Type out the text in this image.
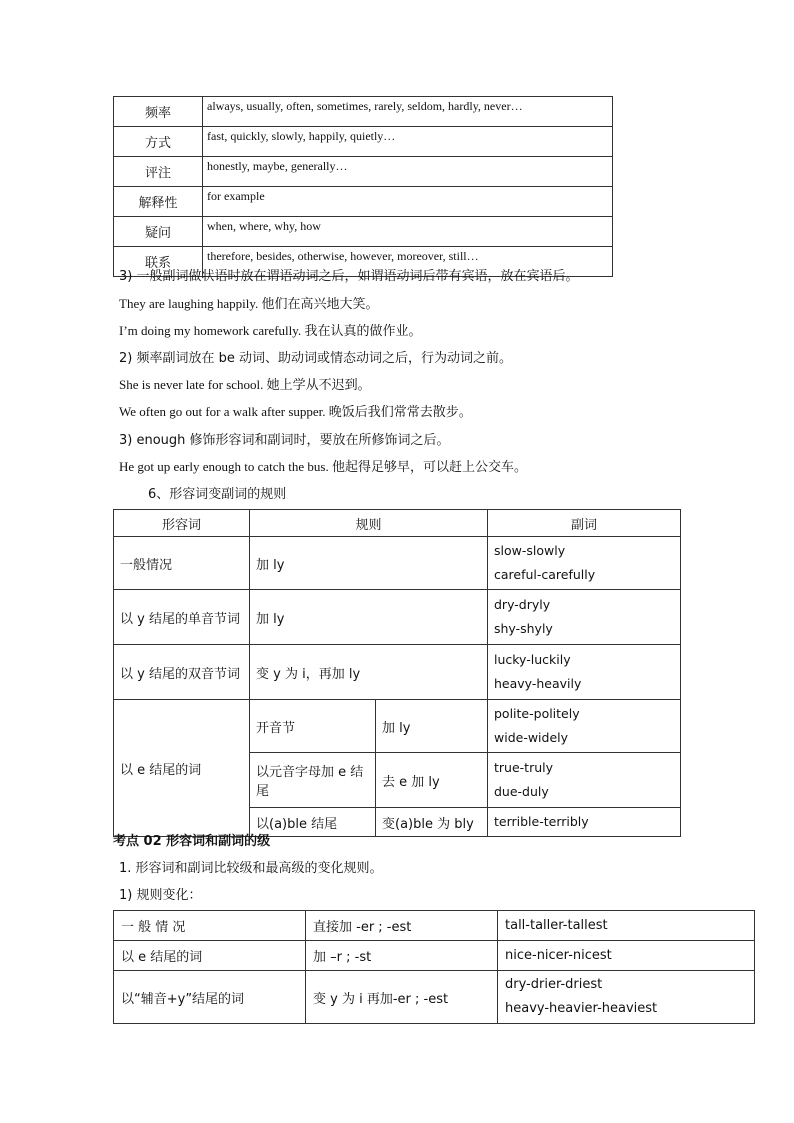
频率	always, usually, often, sometimes, rarely, seldom, hardly, never…
方式	fast, quickly, slowly, happily, quietly…
评注	honestly, maybe, generally…
解释性	for example
疑问	when, where, why, how
联系	therefore, besides, otherwise, however, moreover, still…
3) 一般副词做状语时放在谓语动词之后，如谓语动词后带有宾语，放在宾语后。
They are laughing happily. 他们在高兴地大笑。
I’m doing my homework carefully. 我在认真的做作业。
2) 频率副词放在 be 动词、助动词或情态动词之后，行为动词之前。
She is never late for school. 她上学从不迟到。
We often go out for a walk after supper. 晚饭后我们常常去散步。
3) enough 修饰形容词和副词时，要放在所修饰词之后。
He got up early enough to catch the bus. 他起得足够早，可以赶上公交车。
6、形容词变副词的规则
形容词	规则		副词
一般情况	加 ly		slow-slowly
careful-carefully

以 y 结尾的单音节词	加 ly		dry-dryly
shy-shyly

以 y 结尾的双音节词	变 y 为 i，再加 ly		lucky-luckily
heavy-heavily

以 e 结尾的词	开音节	加 ly	polite-politely
wide-widely

	以元音字母加 e 结尾	去 e 加 ly	true-truly
due-duly

	以(a)ble 结尾	变(a)ble 为 bly	terrible-terribly
考点 02 形容词和副词的级
1. 形容词和副词比较级和最高级的变化规则。
1) 规则变化：
一 般 情 况	直接加 -er ; -est	tall-taller-tallest

以 e 结尾的词	加 –r ; -st	nice-nicer-nicest

以“辅音+y”结尾的词	变 y 为 i 再加-er ; -est	dry-drier-driest
heavy-heavier-heaviest
